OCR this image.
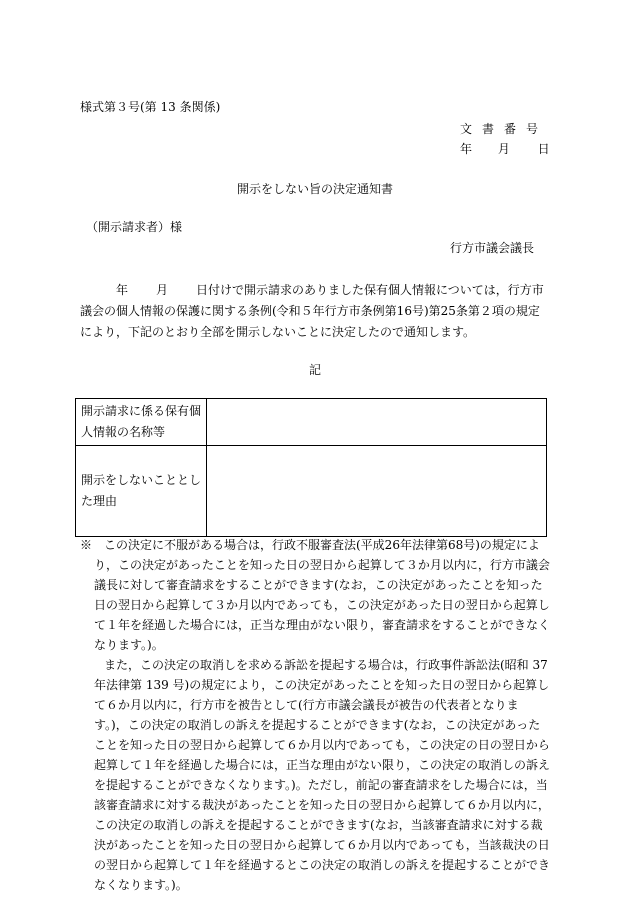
様式第３号(第 13 条関係)
文書番号
年 月 日
開示をしない旨の決定通知書
（開示請求者）様
行方市議会議長
年 月 日付けで開示請求のありました保有個人情報については，行方市議会の個人情報の保護に関する条例(令和５年行方市条例第16号)第25条第２項の規定により，下記のとおり全部を開示しないことに決定したので通知します。
記
開示請求に係る保有個人情報の名称等	
開示をしないこととした理由	

※　この決定に不服がある場合は，行政不服審査法(平成26年法律第68号)の規定により，この決定があったことを知った日の翌日から起算して３か月以内に，行方市議会議長に対して審査請求をすることができます(なお，この決定があったことを知った日の翌日から起算して３か月以内であっても，この決定があった日の翌日から起算して１年を経過した場合には，正当な理由がない限り，審査請求をすることができなくなります。)。

また，この決定の取消しを求める訴訟を提起する場合は，行政事件訴訟法(昭和 37 年法律第 139 号)の規定により，この決定があったことを知った日の翌日から起算して６か月以内に，行方市を被告として(行方市議会議長が被告の代表者となります。)，この決定の取消しの訴えを提起することができます(なお，この決定があったことを知った日の翌日から起算して６か月以内であっても，この決定の日の翌日から起算して１年を経過した場合には，正当な理由がない限り，この決定の取消しの訴えを提起することができなくなります。)。ただし，前記の審査請求をした場合には，当該審査請求に対する裁決があったことを知った日の翌日から起算して６か月以内に，この決定の取消しの訴えを提起することができます(なお，当該審査請求に対する裁決があったことを知った日の翌日から起算して６か月以内であっても，当該裁決の日の翌日から起算して１年を経過するとこの決定の取消しの訴えを提起することができなくなります。)。
